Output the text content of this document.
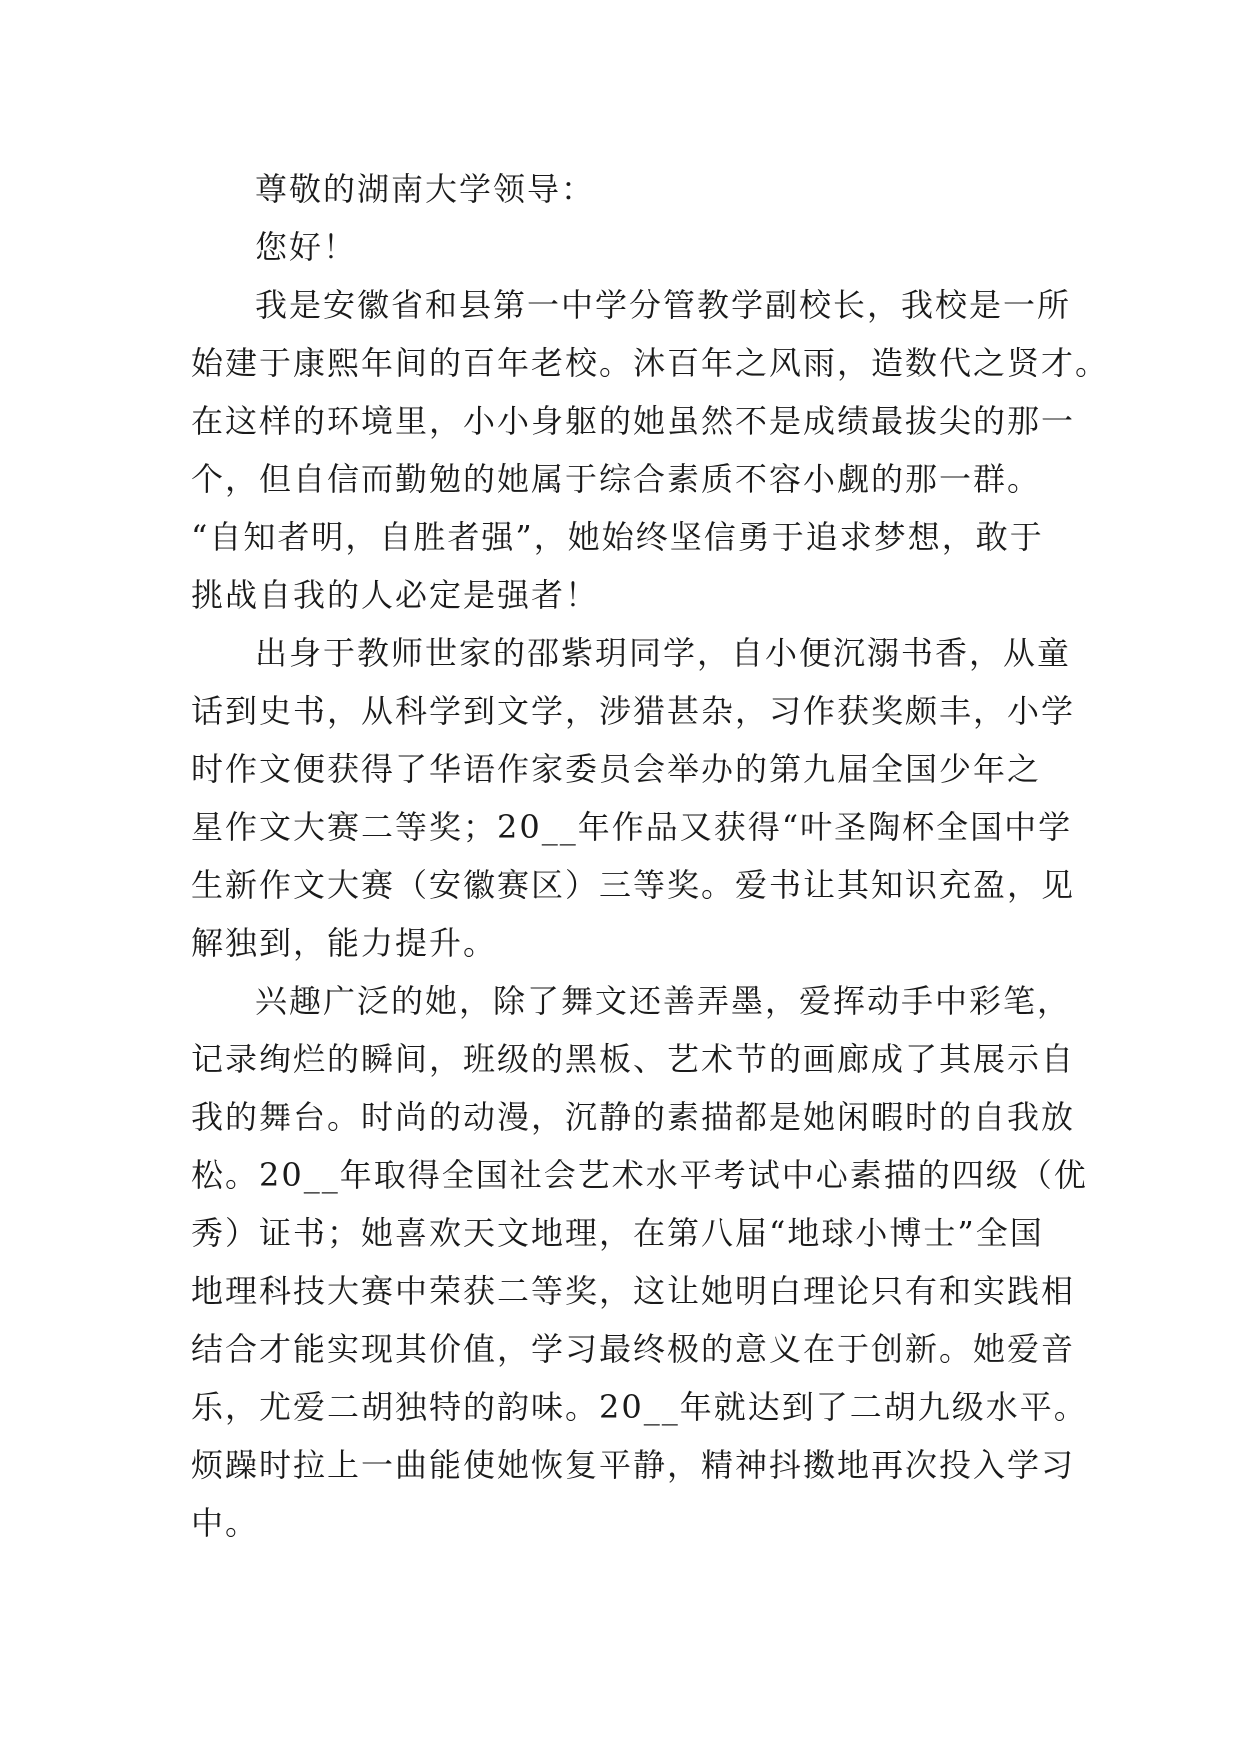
尊敬的湖南大学领导：
您好！
我是安徽省和县第一中学分管教学副校长，我校是一所
始建于康熙年间的百年老校。沐百年之风雨，造数代之贤才。
在这样的环境里，小小身躯的她虽然不是成绩最拔尖的那一
个，但自信而勤勉的她属于综合素质不容小觑的那一群。
“自知者明，自胜者强”，她始终坚信勇于追求梦想，敢于
挑战自我的人必定是强者！
出身于教师世家的邵紫玥同学，自小便沉溺书香，从童
话到史书，从科学到文学，涉猎甚杂，习作获奖颇丰，小学
时作文便获得了华语作家委员会举办的第九届全国少年之
星作文大赛二等奖；20__年作品又获得“叶圣陶杯全国中学
生新作文大赛（安徽赛区）三等奖。爱书让其知识充盈，见
解独到，能力提升。
兴趣广泛的她，除了舞文还善弄墨，爱挥动手中彩笔，
记录绚烂的瞬间，班级的黑板、艺术节的画廊成了其展示自
我的舞台。时尚的动漫，沉静的素描都是她闲暇时的自我放
松。20__年取得全国社会艺术水平考试中心素描的四级（优
秀）证书；她喜欢天文地理，在第八届“地球小博士”全国
地理科技大赛中荣获二等奖，这让她明白理论只有和实践相
结合才能实现其价值，学习最终极的意义在于创新。她爱音
乐，尤爱二胡独特的韵味。20__年就达到了二胡九级水平。
烦躁时拉上一曲能使她恢复平静，精神抖擞地再次投入学习
中。
